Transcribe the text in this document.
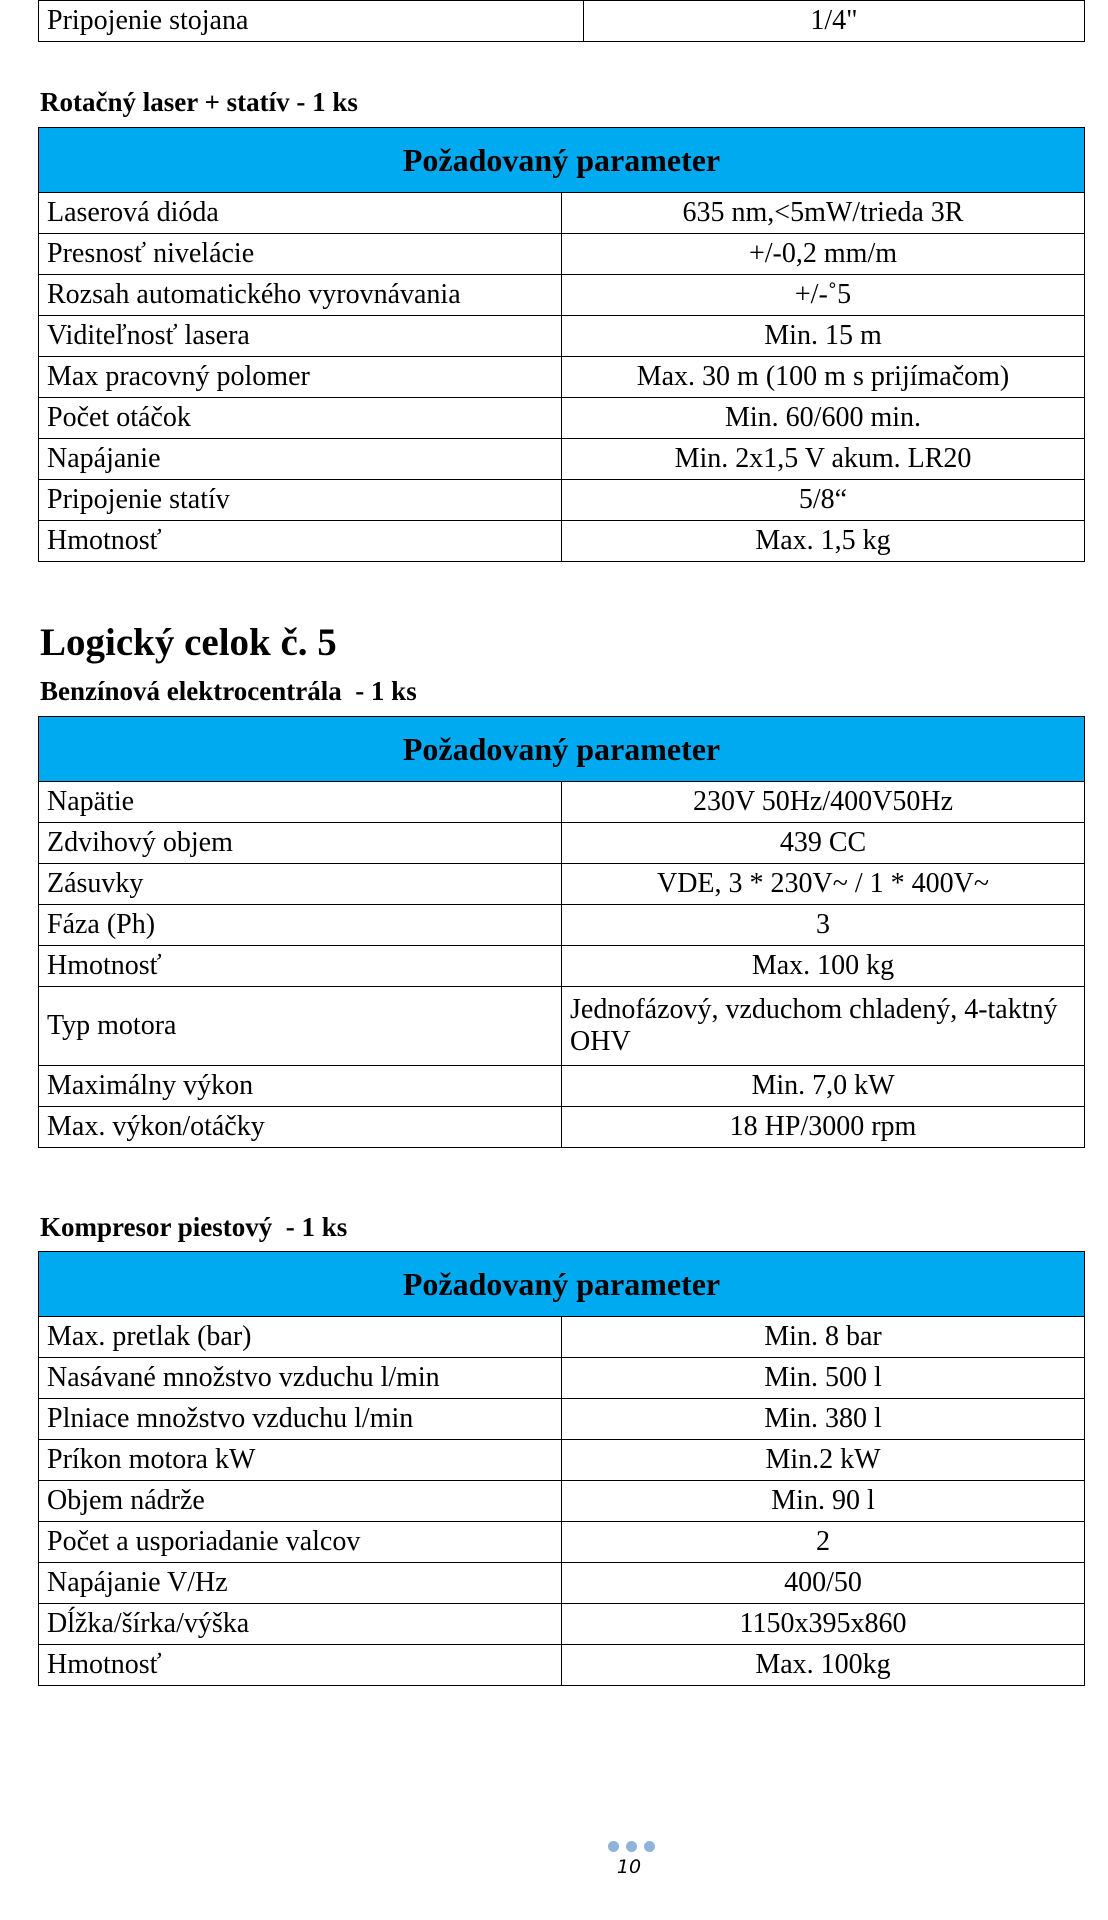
Pripojenie stojana	1/4"
Rotačný laser + statív - 1 ks
Požadovaný parameter	
Laserová dióda	635 nm,<5mW/trieda 3R
Presnosť nivelácie	+/-0,2 mm/m
Rozsah automatického vyrovnávania	+/-˚5
Viditeľnosť lasera	Min. 15 m
Max pracovný polomer	Max. 30 m (100 m s prijímačom)
Počet otáčok	Min. 60/600 min.
Napájanie	Min. 2x1,5 V akum. LR20
Pripojenie statív	5/8“
Hmotnosť	Max. 1,5 kg
Logický celok č. 5
Benzínová elektrocentrála  - 1 ks
Požadovaný parameter	
Napätie	230V 50Hz/400V50Hz
Zdvihový objem	439 CC
Zásuvky	VDE, 3 * 230V~ / 1 * 400V~
Fáza (Ph)	3
Hmotnosť	Max. 100 kg
Typ motora	Jednofázový, vzduchom chladený, 4-taktný OHV
Maximálny výkon	Min. 7,0 kW
Max. výkon/otáčky	18 HP/3000 rpm
Kompresor piestový  - 1 ks
Požadovaný parameter	
Max. pretlak (bar)	Min. 8 bar
Nasávané množstvo vzduchu l/min	Min. 500 l
Plniace množstvo vzduchu l/min	Min. 380 l
Príkon motora kW	Min.2 kW
Objem nádrže	Min. 90 l
Počet a usporiadanie valcov	2
Napájanie V/Hz	400/50
Dĺžka/šírka/výška	1150x395x860
Hmotnosť	Max. 100kg
10
